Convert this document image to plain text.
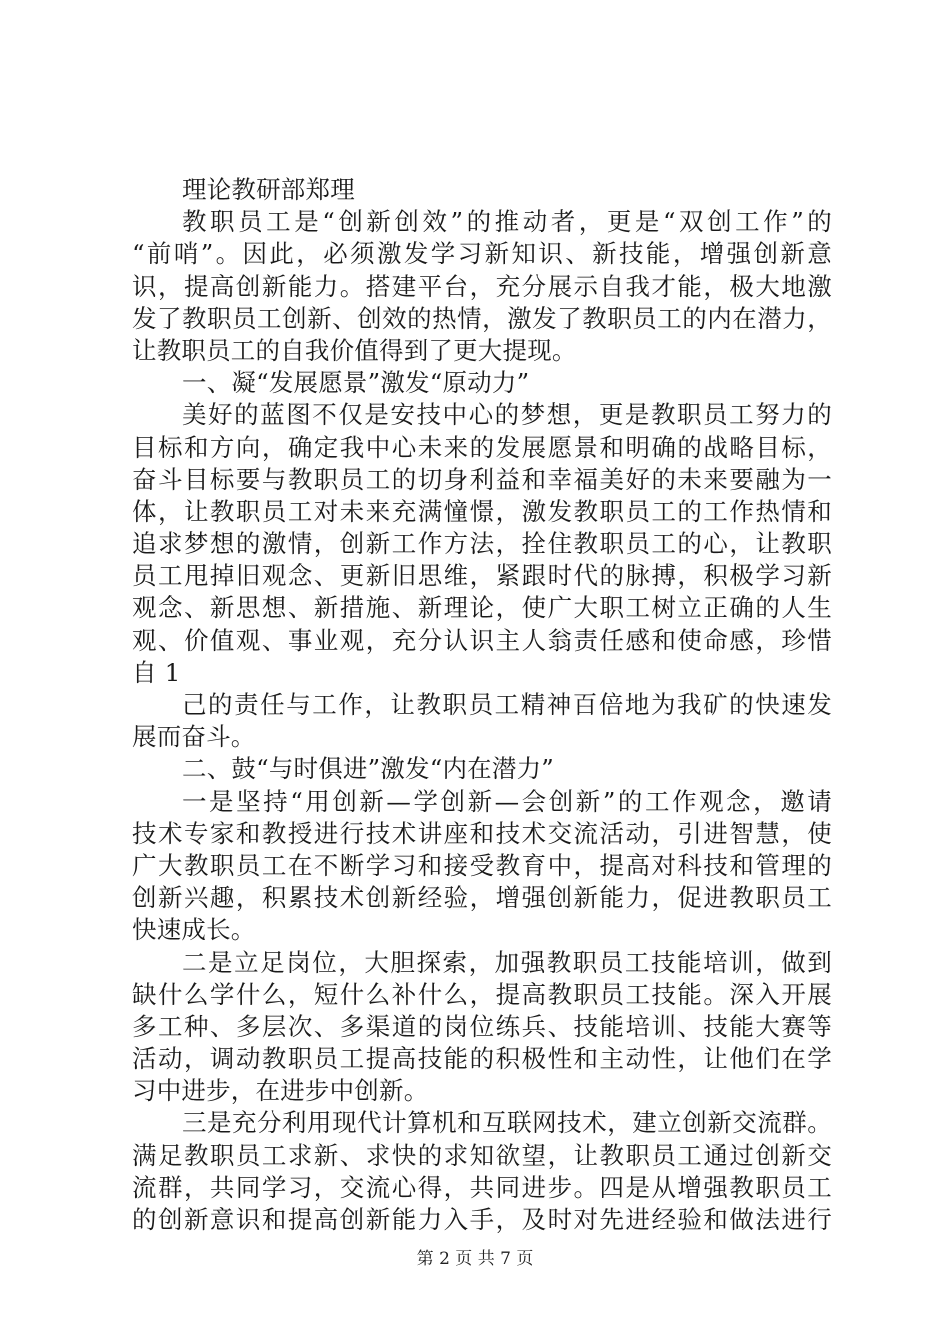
理论教研部郑理
教职员工是“创新创效”的推动者，更是“双创工作”的
“前哨”。因此，必须激发学习新知识、新技能，增强创新意
识，提高创新能力。搭建平台，充分展示自我才能，极大地激
发了教职员工创新、创效的热情，激发了教职员工的内在潜力，
让教职员工的自我价值得到了更大提现。
一、凝“发展愿景”激发“原动力”
美好的蓝图不仅是安技中心的梦想，更是教职员工努力的
目标和方向，确定我中心未来的发展愿景和明确的战略目标，
奋斗目标要与教职员工的切身利益和幸福美好的未来要融为一
体，让教职员工对未来充满憧憬，激发教职员工的工作热情和
追求梦想的激情，创新工作方法，拴住教职员工的心，让教职
员工甩掉旧观念、更新旧思维，紧跟时代的脉搏，积极学习新
观念、新思想、新措施、新理论，使广大职工树立正确的人生
观、价值观、事业观，充分认识主人翁责任感和使命感，珍惜
自 1
己的责任与工作，让教职员工精神百倍地为我矿的快速发
展而奋斗。
二、鼓“与时俱进”激发“内在潜力”
一是坚持“用创新—学创新—会创新”的工作观念，邀请
技术专家和教授进行技术讲座和技术交流活动，引进智慧，使
广大教职员工在不断学习和接受教育中，提高对科技和管理的
创新兴趣，积累技术创新经验，增强创新能力，促进教职员工
快速成长。
二是立足岗位，大胆探索，加强教职员工技能培训，做到
缺什么学什么，短什么补什么，提高教职员工技能。深入开展
多工种、多层次、多渠道的岗位练兵、技能培训、技能大赛等
活动，调动教职员工提高技能的积极性和主动性，让他们在学
习中进步，在进步中创新。
三是充分利用现代计算机和互联网技术，建立创新交流群。
满足教职员工求新、求快的求知欲望，让教职员工通过创新交
流群，共同学习，交流心得，共同进步。四是从增强教职员工
的创新意识和提高创新能力入手，及时对先进经验和做法进行
第 2 页 共 7 页
